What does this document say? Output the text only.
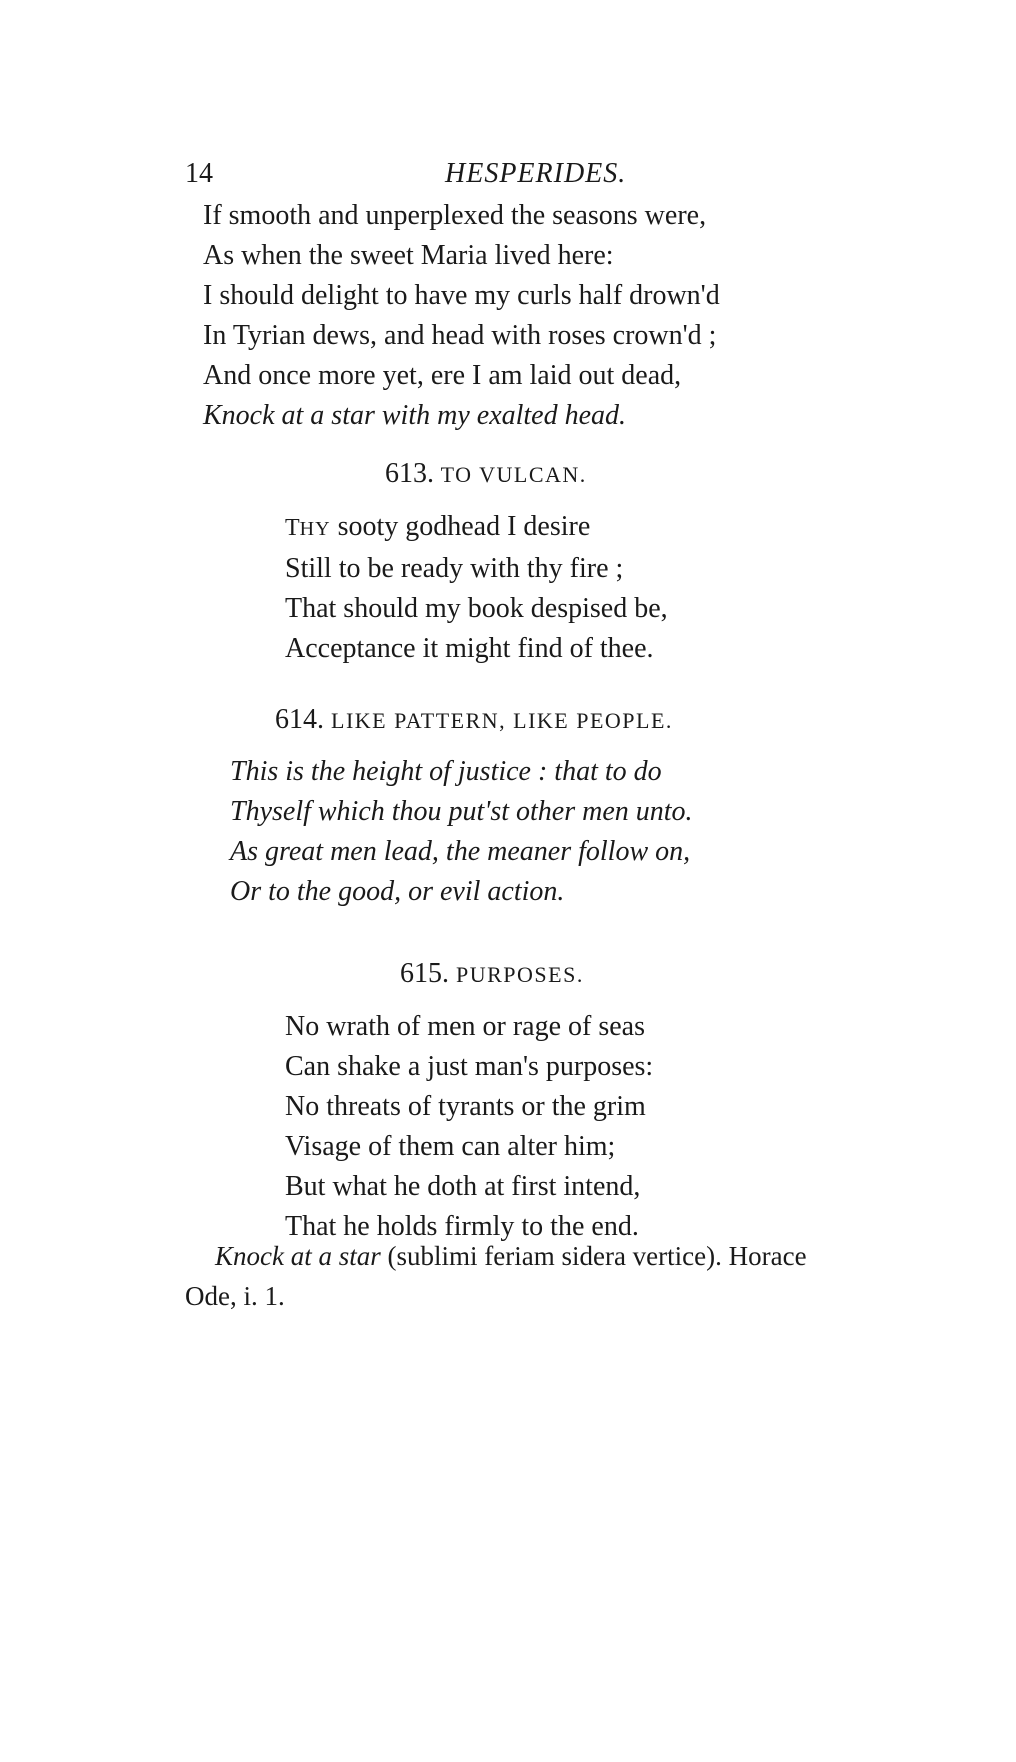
14	HESPERIDES.
If smooth and unperplexed the seasons were,
As when the sweet Maria lived here:
I should delight to have my curls half drown'd
In Tyrian dews, and head with roses crown'd ;
And once more yet, ere I am laid out dead,
Knock at a star with my exalted head.
613. TO VULCAN.
THY sooty godhead I desire
Still to be ready with thy fire ;
That should my book despised be,
Acceptance it might find of thee.
614. LIKE PATTERN, LIKE PEOPLE.
This is the height of justice : that to do
Thyself which thou put'st other men unto.
As great men lead, the meaner follow on,
Or to the good, or evil action.
615. PURPOSES.
No wrath of men or rage of seas
Can shake a just man's purposes:
No threats of tyrants or the grim
Visage of them can alter him;
But what he doth at first intend,
That he holds firmly to the end.
Knock at a star (sublimi feriam sidera vertice). Horace
Ode, i. 1.
